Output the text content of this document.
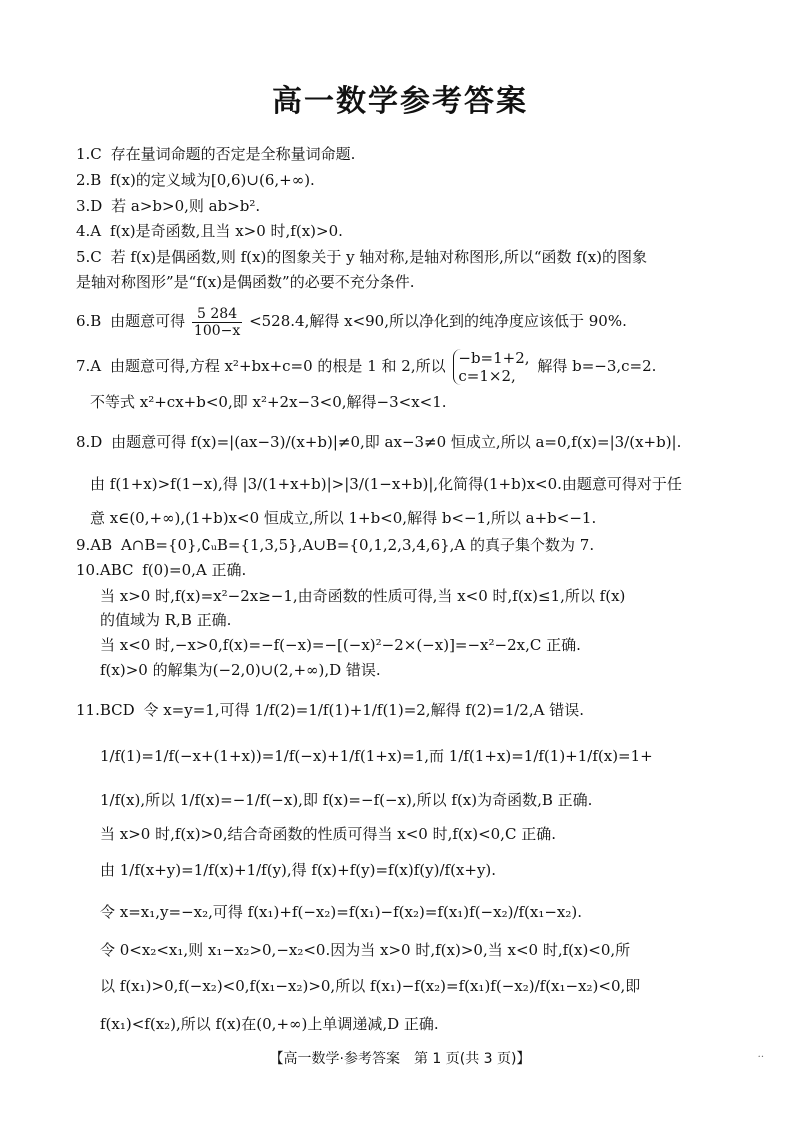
高一数学参考答案
1.C 存在量词命题的否定是全称量词命题.
2.B f(x)的定义域为[0,6)∪(6,+∞).
3.D 若 a>b>0,则 ab>b².
4.A f(x)是奇函数,且当 x>0 时,f(x)>0.
5.C 若 f(x)是偶函数,则 f(x)的图象关于 y 轴对称,是轴对称图形,所以“函数 f(x)的图象
是轴对称图形”是“f(x)是偶函数”的必要不充分条件.
6.B 由题意可得 $\frac{5 284}{100-x} <528.4$,解得 x<90,所以净化到的纯净度应该低于 90%.
7.A 由题意可得,方程 x²+bx+c=0 的根是 1 和 2,所以 −b=1+2,
c=1×2,
解得 b=−3,c=2.
不等式 x²+cx+b<0,即 x²+2x−3<0,解得−3<x<1.
8.D 由题意可得 f(x)=|(ax−3)/(x+b)|≠0,即 ax−3≠0 恒成立,所以 a=0,f(x)=|3/(x+b)|.
由 f(1+x)>f(1−x),得 |3/(1+x+b)|>|3/(1−x+b)|,化简得(1+b)x<0.由题意可得对于任
意 x∈(0,+∞),(1+b)x<0 恒成立,所以 1+b<0,解得 b<−1,所以 a+b<−1.
9.AB A∩B={0},∁ᵤB={1,3,5},A∪B={0,1,2,3,4,6},A 的真子集个数为 7.
10.ABC f(0)=0,A 正确.
当 x>0 时,f(x)=x²−2x≥−1,由奇函数的性质可得,当 x<0 时,f(x)≤1,所以 f(x)
的值域为 R,B 正确.
当 x<0 时,−x>0,f(x)=−f(−x)=−[(−x)²−2×(−x)]=−x²−2x,C 正确.
f(x)>0 的解集为(−2,0)∪(2,+∞),D 错误.
11.BCD 令 x=y=1,可得 1/f(2)=1/f(1)+1/f(1)=2,解得 f(2)=1/2,A 错误.
1/f(1)=1/f(−x+(1+x))=1/f(−x)+1/f(1+x)=1,而 1/f(1+x)=1/f(1)+1/f(x)=1+
1/f(x),所以 1/f(x)=−1/f(−x),即 f(x)=−f(−x),所以 f(x)为奇函数,B 正确.
当 x>0 时,f(x)>0,结合奇函数的性质可得当 x<0 时,f(x)<0,C 正确.
由 1/f(x+y)=1/f(x)+1/f(y),得 f(x)+f(y)=f(x)f(y)/f(x+y).
令 x=x₁,y=−x₂,可得 f(x₁)+f(−x₂)=f(x₁)−f(x₂)=f(x₁)f(−x₂)/f(x₁−x₂).
令 0<x₂<x₁,则 x₁−x₂>0,−x₂<0.因为当 x>0 时,f(x)>0,当 x<0 时,f(x)<0,所
以 f(x₁)>0,f(−x₂)<0,f(x₁−x₂)>0,所以 f(x₁)−f(x₂)=f(x₁)f(−x₂)/f(x₁−x₂)<0,即
f(x₁)<f(x₂),所以 f(x)在(0,+∞)上单调递减,D 正确.
【高一数学·参考答案　第 1 页(共 3 页)】	··
